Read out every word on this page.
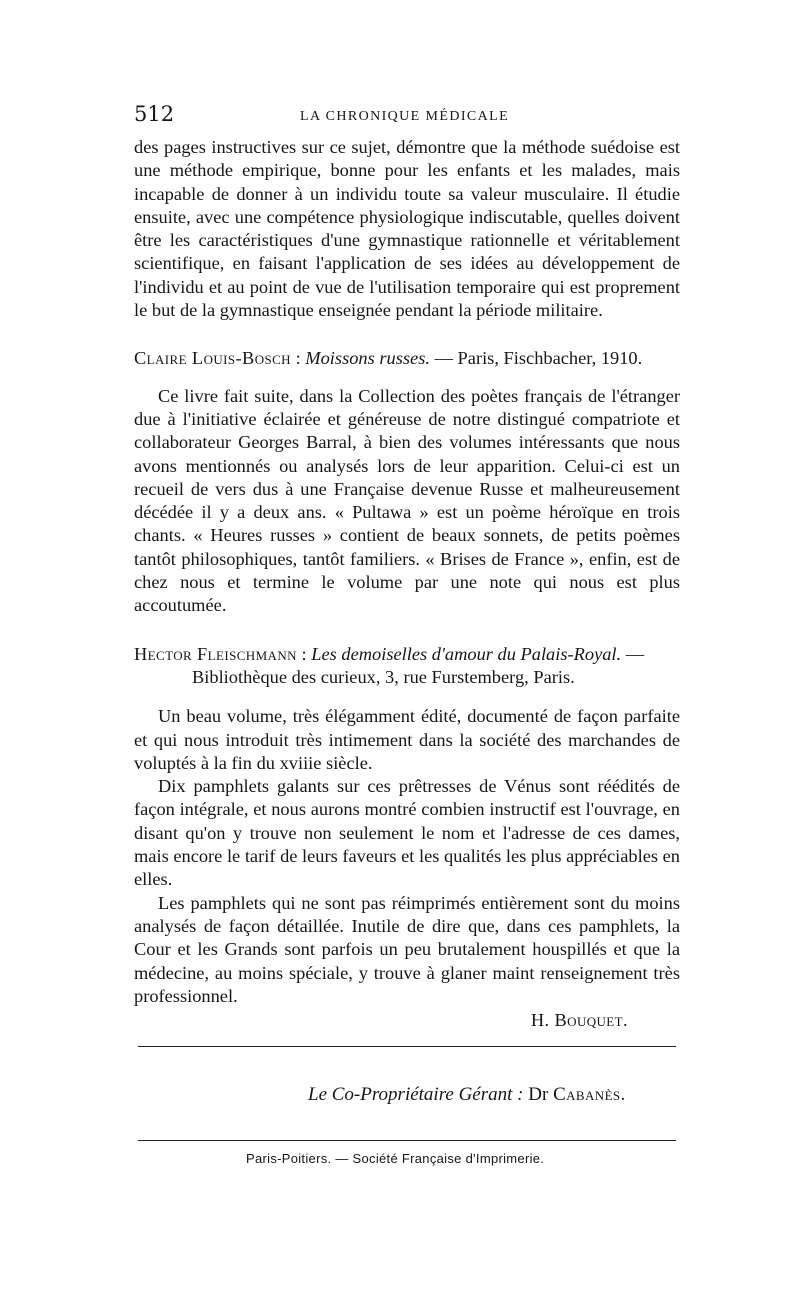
512	LA CHRONIQUE MÉDICALE

des pages instructives sur ce sujet, démontre que la méthode suédoise est une méthode empirique, bonne pour les enfants et les malades, mais incapable de donner à un individu toute sa valeur musculaire. Il étudie ensuite, avec une compétence physiologique indiscutable, quelles doivent être les caractéristiques d'une gymnastique rationnelle et véritablement scientifique, en faisant l'application de ses idées au développement de l'individu et au point de vue de l'utilisation temporaire qui est proprement le but de la gymnastique enseignée pendant la période militaire.

Claire Louis-Bosch : Moissons russes. — Paris, Fischbacher, 1910.

Ce livre fait suite, dans la Collection des poètes français de l'étranger due à l'initiative éclairée et généreuse de notre distingué compatriote et collaborateur Georges Barral, à bien des volumes intéressants que nous avons mentionnés ou analysés lors de leur apparition. Celui-ci est un recueil de vers dus à une Française devenue Russe et malheureusement décédée il y a deux ans. « Pultawa » est un poème héroïque en trois chants. « Heures russes » contient de beaux sonnets, de petits poèmes tantôt philosophiques, tantôt familiers. « Brises de France », enfin, est de chez nous et termine le volume par une note qui nous est plus accoutumée.

Hector Fleischmann : Les demoiselles d'amour du Palais-Royal. —

Bibliothèque des curieux, 3, rue Furstemberg, Paris.

Un beau volume, très élégamment édité, documenté de façon parfaite et qui nous introduit très intimement dans la société des marchandes de voluptés à la fin du xviiie siècle.

Dix pamphlets galants sur ces prêtresses de Vénus sont réédités de façon intégrale, et nous aurons montré combien instructif est l'ouvrage, en disant qu'on y trouve non seulement le nom et l'adresse de ces dames, mais encore le tarif de leurs faveurs et les qualités les plus appréciables en elles.

Les pamphlets qui ne sont pas réimprimés entièrement sont du moins analysés de façon détaillée. Inutile de dire que, dans ces pamphlets, la Cour et les Grands sont parfois un peu brutalement houspillés et que la médecine, au moins spéciale, y trouve à glaner maint renseignement très professionnel.

H. Bouquet.
Le Co-Propriétaire Gérant : Dr Cabanès.
Paris-Poitiers. — Société Française d'Imprimerie.
